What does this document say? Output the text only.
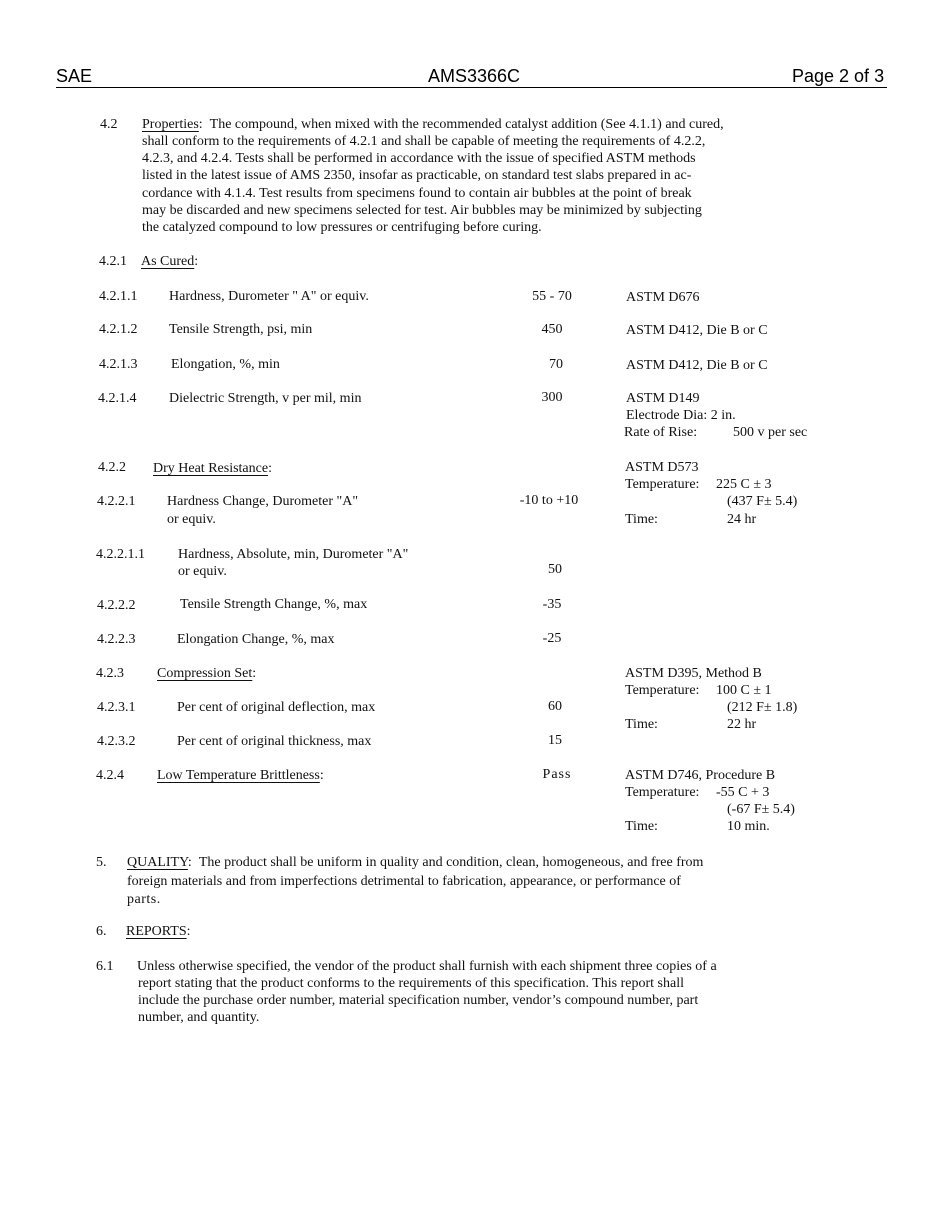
SAE	AMS3366C	Page 2 of 3
4.2 Properties:  The compound, when mixed with the recommended catalyst addition (See 4.1.1) and cured,
shall conform to the requirements of 4.2.1 and shall be capable of meeting the requirements of 4.2.2,
4.2.3, and 4.2.4. Tests shall be performed in accordance with the issue of specified ASTM methods
listed in the latest issue of AMS 2350, insofar as practicable, on standard test slabs prepared in ac-
cordance with 4.1.4. Test results from specimens found to contain air bubbles at the point of break
may be discarded and new specimens selected for test. Air bubbles may be minimized by subjecting
the catalyzed compound to low pressures or centrifuging before curing.
4.2.1 As Cured:
4.2.1.1 Hardness, Durometer " A" or equiv.	55 - 70	ASTM D676
4.2.1.2 Tensile Strength, psi, min	450	ASTM D412, Die B or C
4.2.1.3 Elongation, %, min	70	ASTM D412, Die B or C
4.2.1.4 Dielectric Strength, v per mil, min	300	ASTM D149
Electrode Dia: 2 in.
Rate of Rise:	500 v per sec
4.2.2 Dry Heat Resistance:	ASTM D573
Temperature: 225 C ± 3
(437 F± 5.4)
Time:	24 hr
4.2.2.1 Hardness Change, Durometer "A"
or equiv.
-10 to +10
4.2.2.1.1 Hardness, Absolute, min, Durometer "A"
or equiv.	50
4.2.2.2	Tensile Strength Change, %, max	-35
4.2.2.3	Elongation Change, %, max	-25
4.2.3 Compression Set:	ASTM D395, Method B
Temperature: 100 C ± 1
(212 F± 1.8)
Time:	22 hr
4.2.3.1	Per cent of original deflection, max	60
4.2.3.2	Per cent of original thickness, max	15
4.2.4 Low Temperature Brittleness:	Pass	ASTM D746, Procedure B
Temperature: -55 C + 3
(-67 F± 5.4)
Time:	10 min.
5. QUALITY:  The product shall be uniform in quality and condition, clean, homogeneous, and free from
foreign materials and from imperfections detrimental to fabrication, appearance, or performance of
parts.
6. REPORTS:
6.1 Unless otherwise specified, the vendor of the product shall furnish with each shipment three copies of a
report stating that the product conforms to the requirements of this specification. This report shall
include the purchase order number, material specification number, vendor’s compound number, part
number, and quantity.
